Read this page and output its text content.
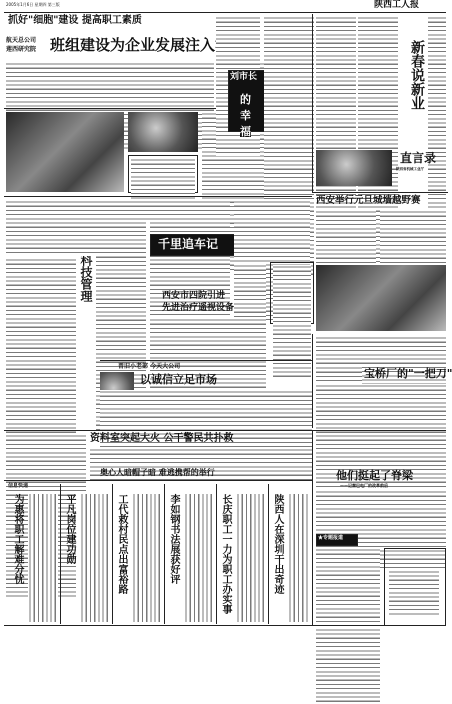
2005年1月6日 星期四 第三版	陕西工人报
抓好"细胞"建设 提高职工素质
航天总公司
莲西研究院 班组建设为企业发展注入活力
刘市长
的
幸
福
新春说新业
直言录
陕西省机械工业厅
西安举行元旦城墙越野赛
工人园地
一点一滴	北方科技管理	千里追车记
西安市四院引进
先进治疗遥视设备
晋旧小老部 今天大公司
以诚信立足市场	宝桥厂的"一把刀"
资料室突起大火 公干警民共扑救
奥心人暗帽子暗 难逃携帮的举行	他们挺起了脊梁
——记秦巴电厂的改革前后
★专题报道
陕西工人报
欢迎订阅
信息快递
为惠将职工解难分忧	平凡岗位建功勋	工代救村民点出富裕路	李如钢书法展获好评	长庆职工一力为职工办实事	陕西人在深圳干出奇迹
